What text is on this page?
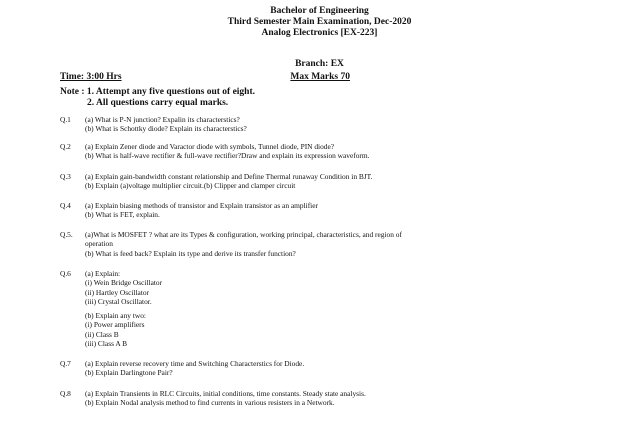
Bachelor of Engineering
Third Semester Main Examination, Dec-2020
Analog Electronics [EX-223]
Branch: EX
Time: 3:00 Hrs	Max Marks 70
Note : 1. Attempt any five questions out of eight.
2. All questions carry equal marks.
Q.1 (a) What is P-N junction? Expalin its characterstics?
(b) What is Schottky diode? Explain its characterstics?
Q.2 (a) Explain Zener diode and Varactor diode with symbols, Tunnel diode, PIN diode?
(b) What is half-wave rectifier & full-wave rectifier?Draw and explain its expression waveform.
Q.3 (a) Explain gain-bandwidth constant relationship and Define Thermal runaway Condition in BJT.
(b) Explain (a)voltage multiplier circuit.(b) Clipper and clamper circuit
Q.4 (a) Explain biasing methods of transistor and Explain transistor as an amplifier
(b) What is FET, explain.
Q.5. (a)What is MOSFET ? what are its Types & configuration, working principal, characteristics, and region of operation
(b) What is feed back? Explain its type and derive its transfer function?
Q.6 (a) Explain:
(i) Wein Bridge Oscillator
(ii) Hartley Oscillator
(iii) Crystal Oscillator.
(b) Explain any two:
(i) Power amplifiers
(ii) Class B
(iii) Class A B
Q.7 (a) Explain reverse recovery time and Switching Characterstics for Diode.
(b) Explain Darlingtone Pair?
Q.8 (a) Explain Transients in RLC Circuits, initial conditions, time constants. Steady state analysis.
(b) Explain Nodal analysis method to find currents in various resisters in a Network.
